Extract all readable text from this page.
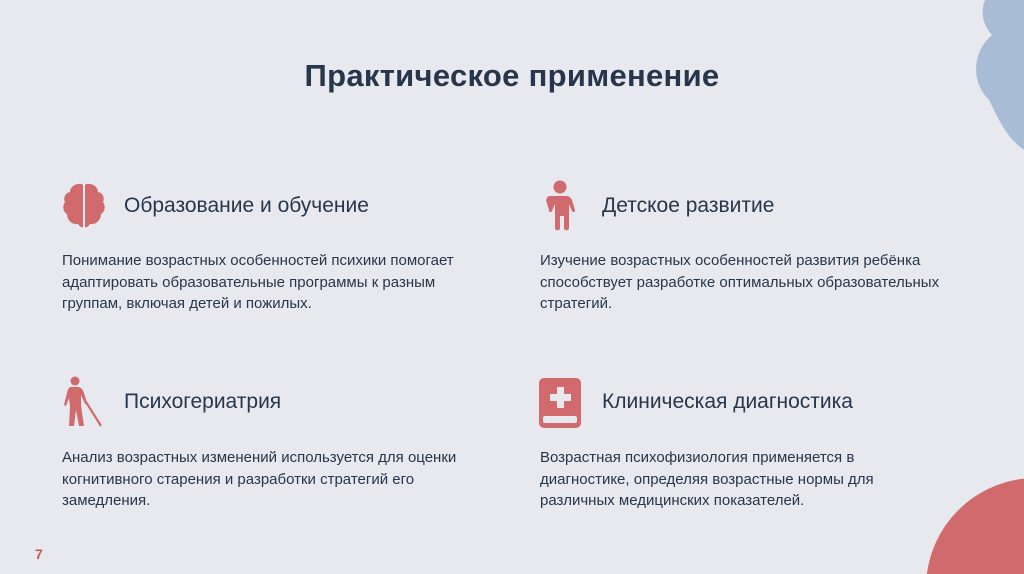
Практическое применение
Образование и обучение
Понимание возрастных особенностей психики помогает адаптировать образовательные программы к разным группам, включая детей и пожилых.
Детское развитие
Изучение возрастных особенностей развития ребёнка способствует разработке оптимальных образовательных стратегий.
Психогериатрия
Анализ возрастных изменений используется для оценки когнитивного старения и разработки стратегий его замедления.
Клиническая диагностика
Возрастная психофизиология применяется в диагностике, определяя возрастные нормы для различных медицинских показателей.
7
